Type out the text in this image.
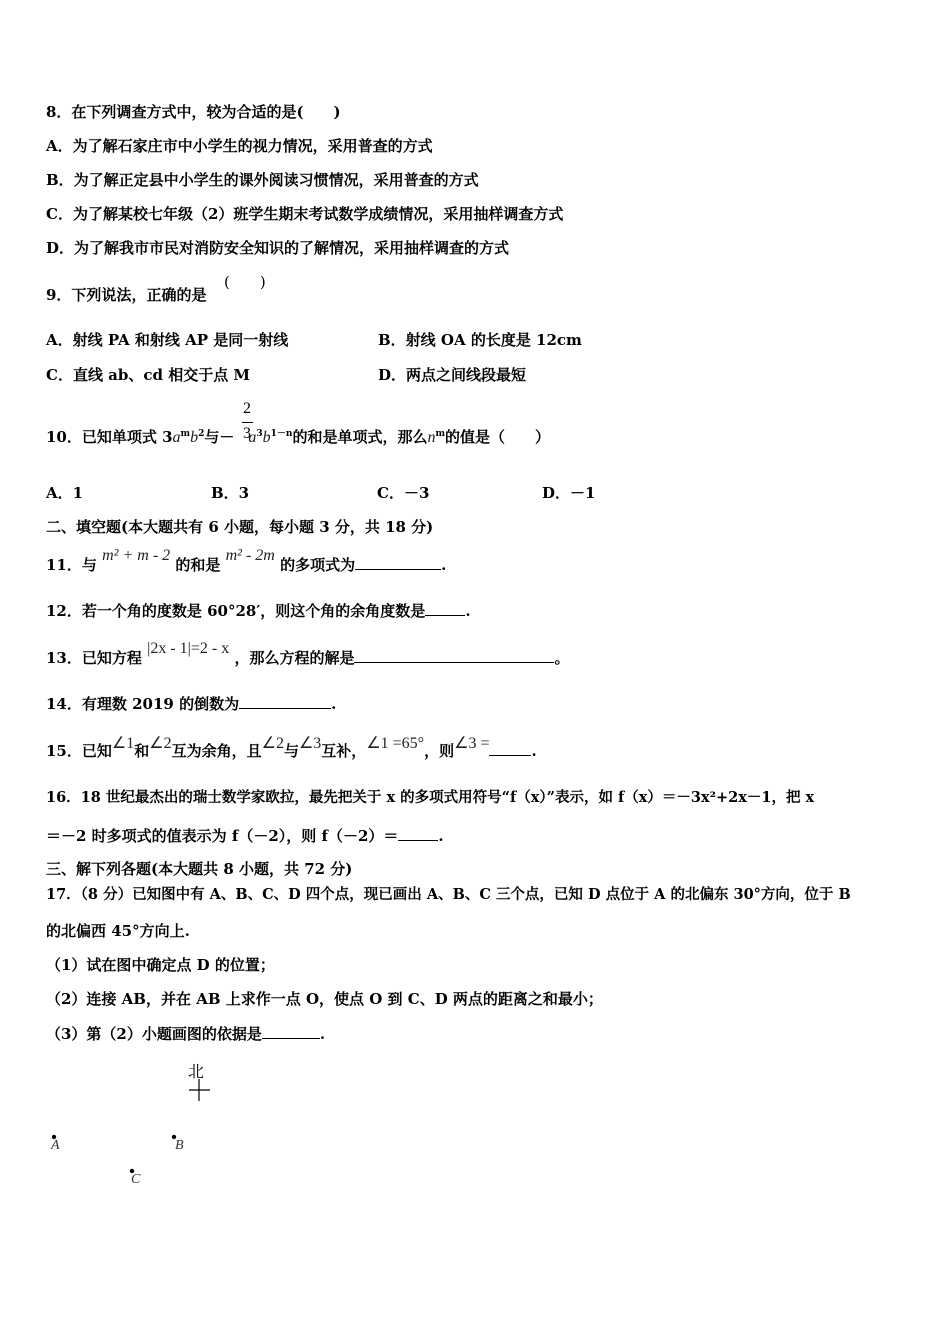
8．在下列调查方式中，较为合适的是(　　)
A．为了解石家庄市中小学生的视力情况，采用普查的方式
B．为了解正定县中小学生的课外阅读习惯情况，采用普查的方式
C．为了解某校七年级（2）班学生期末考试数学成绩情况，采用抽样调查方式
D．为了解我市市民对消防安全知识的了解情况，采用抽样调查的方式
9．下列说法，正确的是
(　　)
A．射线 PA 和射线 AP 是同一射线	B．射线 OA 的长度是 12cm
C．直线 ab、cd 相交于点 M	D．两点之间线段最短
10．已知单项式 $3a^mb^2$与－ $a^3b^{1-n}$的和是单项式，那么$n^m$的值是（　　）
2
3
A．1	B．3	C．－3	D．－1
二、填空题(本大题共有 6 小题，每小题 3 分，共 18 分)
11．与 m² + m - 2 的和是 m² - 2m 的多项式为	.
12．若一个角的度数是 60°28′，则这个角的余角度数是	.
13．已知方程 |2x - 1|=2 - x ，那么方程的解是	。
14．有理数 2019 的倒数为	.
15．已知∠1和∠2互为余角，且∠2与∠3互补，∠1 =65°，则∠3 =	.
16．18 世纪最杰出的瑞士数学家欧拉，最先把关于 x 的多项式用符号“f（x）”表示，如 f（x）＝－3x²+2x－1，把 x
＝－2 时多项式的值表示为 f（－2），则 f（－2）＝	.
三、解下列各题(本大题共 8 小题，共 72 分)
17．（8 分）已知图中有 A、B、C、D 四个点，现已画出 A、B、C 三个点，已知 D 点位于 A 的北偏东 30°方向，位于 B
的北偏西 45°方向上.
（1）试在图中确定点 D 的位置；
（2）连接 AB，并在 AB 上求作一点 O，使点 O 到 C、D 两点的距离之和最小；
（3）第（2）小题画图的依据是	.
北
A	B
C
